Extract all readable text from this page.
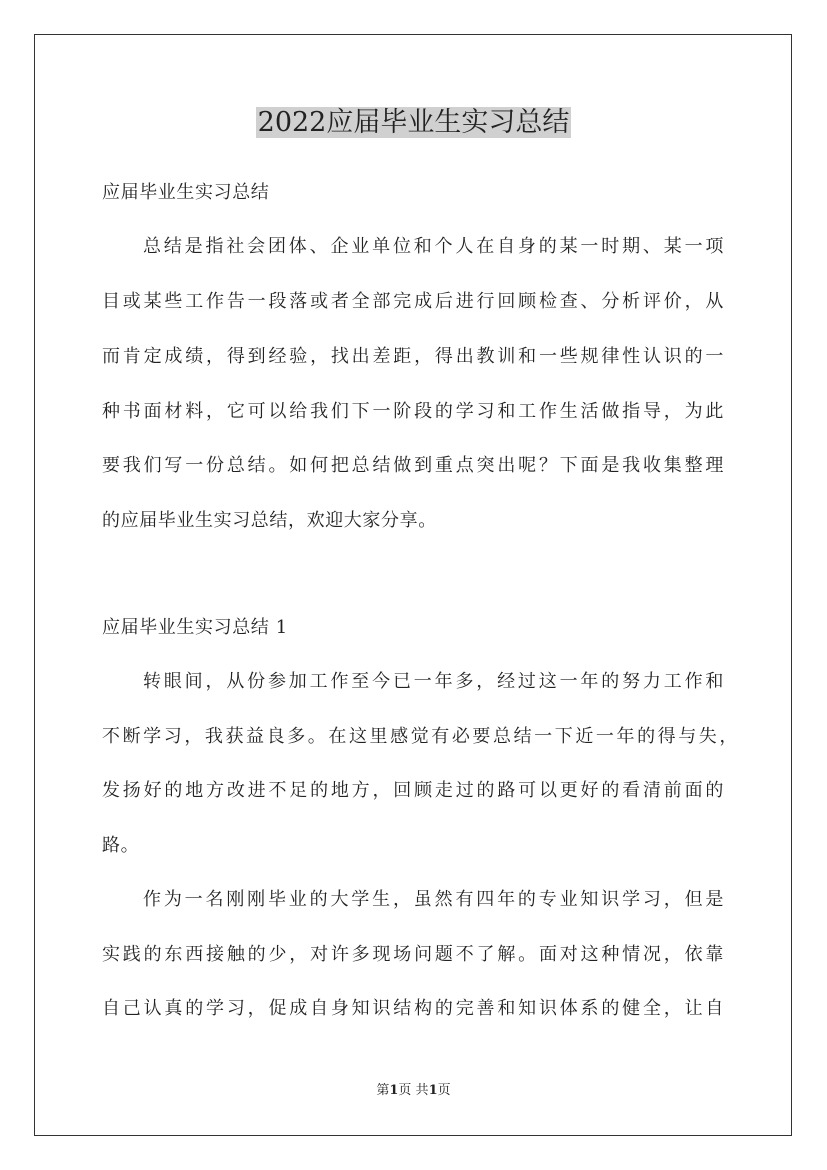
2022应届毕业生实习总结
应届毕业生实习总结
总结是指社会团体、企业单位和个人在自身的某一时期、某一项
目或某些工作告一段落或者全部完成后进行回顾检查、分析评价，从
而肯定成绩，得到经验，找出差距，得出教训和一些规律性认识的一
种书面材料，它可以给我们下一阶段的学习和工作生活做指导，为此
要我们写一份总结。如何把总结做到重点突出呢？下面是我收集整理
的应届毕业生实习总结，欢迎大家分享。
应届毕业生实习总结 1
转眼间，从份参加工作至今已一年多，经过这一年的努力工作和
不断学习，我获益良多。在这里感觉有必要总结一下近一年的得与失，
发扬好的地方改进不足的地方，回顾走过的路可以更好的看清前面的
路。
作为一名刚刚毕业的大学生，虽然有四年的专业知识学习，但是
实践的东西接触的少，对许多现场问题不了解。面对这种情况，依靠
自己认真的学习，促成自身知识结构的完善和知识体系的健全，让自
第1页 共1页
